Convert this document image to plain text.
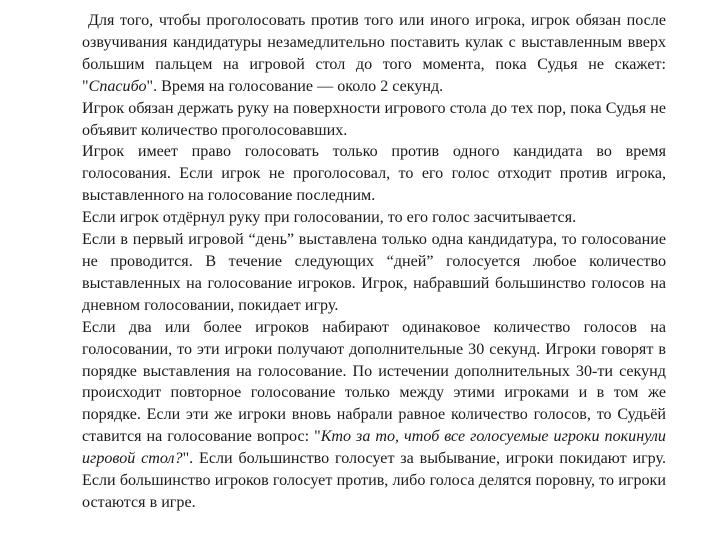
Для того, чтобы проголосовать против того или иного игрока, игрок обязан после озвучивания кандидатуры незамедлительно поставить кулак с выставленным вверх большим пальцем на игровой стол до того момента, пока Судья не скажет: "Спасибо". Время на голосование — около 2 секунд.

Игрок обязан держать руку на поверхности игрового стола до тех пор, пока Судья не объявит количество проголосовавших.

Игрок имеет право голосовать только против одного кандидата во время голосования. Если игрок не проголосовал, то его голос отходит против игрока, выставленного на голосование последним.

Если игрок отдёрнул руку при голосовании, то его голос засчитывается.

Если в первый игровой “день” выставлена только одна кандидатура, то голосование не проводится. В течение следующих “дней” голосуется любое количество выставленных на голосование игроков. Игрок, набравший большинство голосов на дневном голосовании, покидает игру.

Если два или более игроков набирают одинаковое количество голосов на голосовании, то эти игроки получают дополнительные 30 секунд. Игроки говорят в порядке выставления на голосование. По истечении дополнительных 30-ти секунд происходит повторное голосование только между этими игроками и в том же порядке. Если эти же игроки вновь набрали равное количество голосов, то Судьёй ставится на голосование вопрос: "Кто за то, чтоб все голосуемые игроки покинули игровой стол?". Если большинство голосует за выбывание, игроки покидают игру. Если большинство игроков голосует против, либо голоса делятся поровну, то игроки остаются в игре.
